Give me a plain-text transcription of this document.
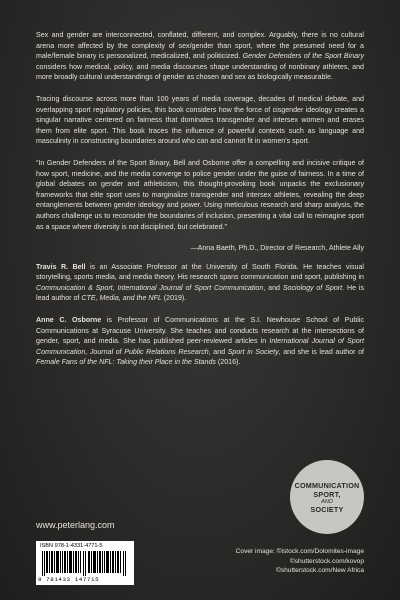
Sex and gender are interconnected, conflated, different, and complex. Arguably, there is no cultural arena more affected by the complexity of sex/gender than sport, where the presumed need for a male/female binary is personalized, medicalized, and politicized. Gender Defenders of the Sport Binary considers how medical, policy, and media discourses shape understanding of nonbinary athletes, and more broadly cultural understandings of gender as chosen and sex as biologically measurable.

Tracing discourse across more than 100 years of media coverage, decades of medical debate, and overlapping sport regulatory policies, this book considers how the force of cisgender ideology creates a singular narrative centered on fairness that dominates transgender and intersex women and erases them from elite sport. This book traces the influence of powerful contexts such as language and masculinity in constructing boundaries around who can and cannot fit in women's sport.

“In Gender Defenders of the Sport Binary, Bell and Osborne offer a compelling and incisive critique of how sport, medicine, and the media converge to police gender under the guise of fairness. In a time of global debates on gender and athleticism, this thought-provoking book unpacks the exclusionary frameworks that elite sport uses to marginalize transgender and intersex athletes, revealing the deep entanglements between gender ideology and power. Using meticulous research and sharp analysis, the authors challenge us to reconsider the boundaries of inclusion, presenting a vital call to reimagine sport as a space where diversity is not disciplined, but celebrated.”

—Anna Baeth, Ph.D., Director of Research, Athlete Ally

Travis R. Bell is an Associate Professor at the University of South Florida. He teaches visual storytelling, sports media, and media theory. His research spans communication and sport, publishing in Communication & Sport, International Journal of Sport Communication, and Sociology of Sport. He is lead author of CTE, Media, and the NFL (2019).

Anne C. Osborne is Professor of Communications at the S.I. Newhouse School of Public Communications at Syracuse University. She teaches and conducts research at the intersections of gender, sport, and media. She has published peer-reviewed articles in International Journal of Sport Communication, Journal of Public Relations Research, and Sport in Society, and she is lead author of Female Fans of the NFL: Taking their Place in the Stands (2016).

COMMUNICATION
SPORT,
AND
SOCIETY
www.peterlang.com
ISBN 978-1-4331-4771-5
9 781433 147715
Cover image: ©istock.com/Dolomites-image
©shutterstock.com/kovop
©shutterstock.com/New Africa
